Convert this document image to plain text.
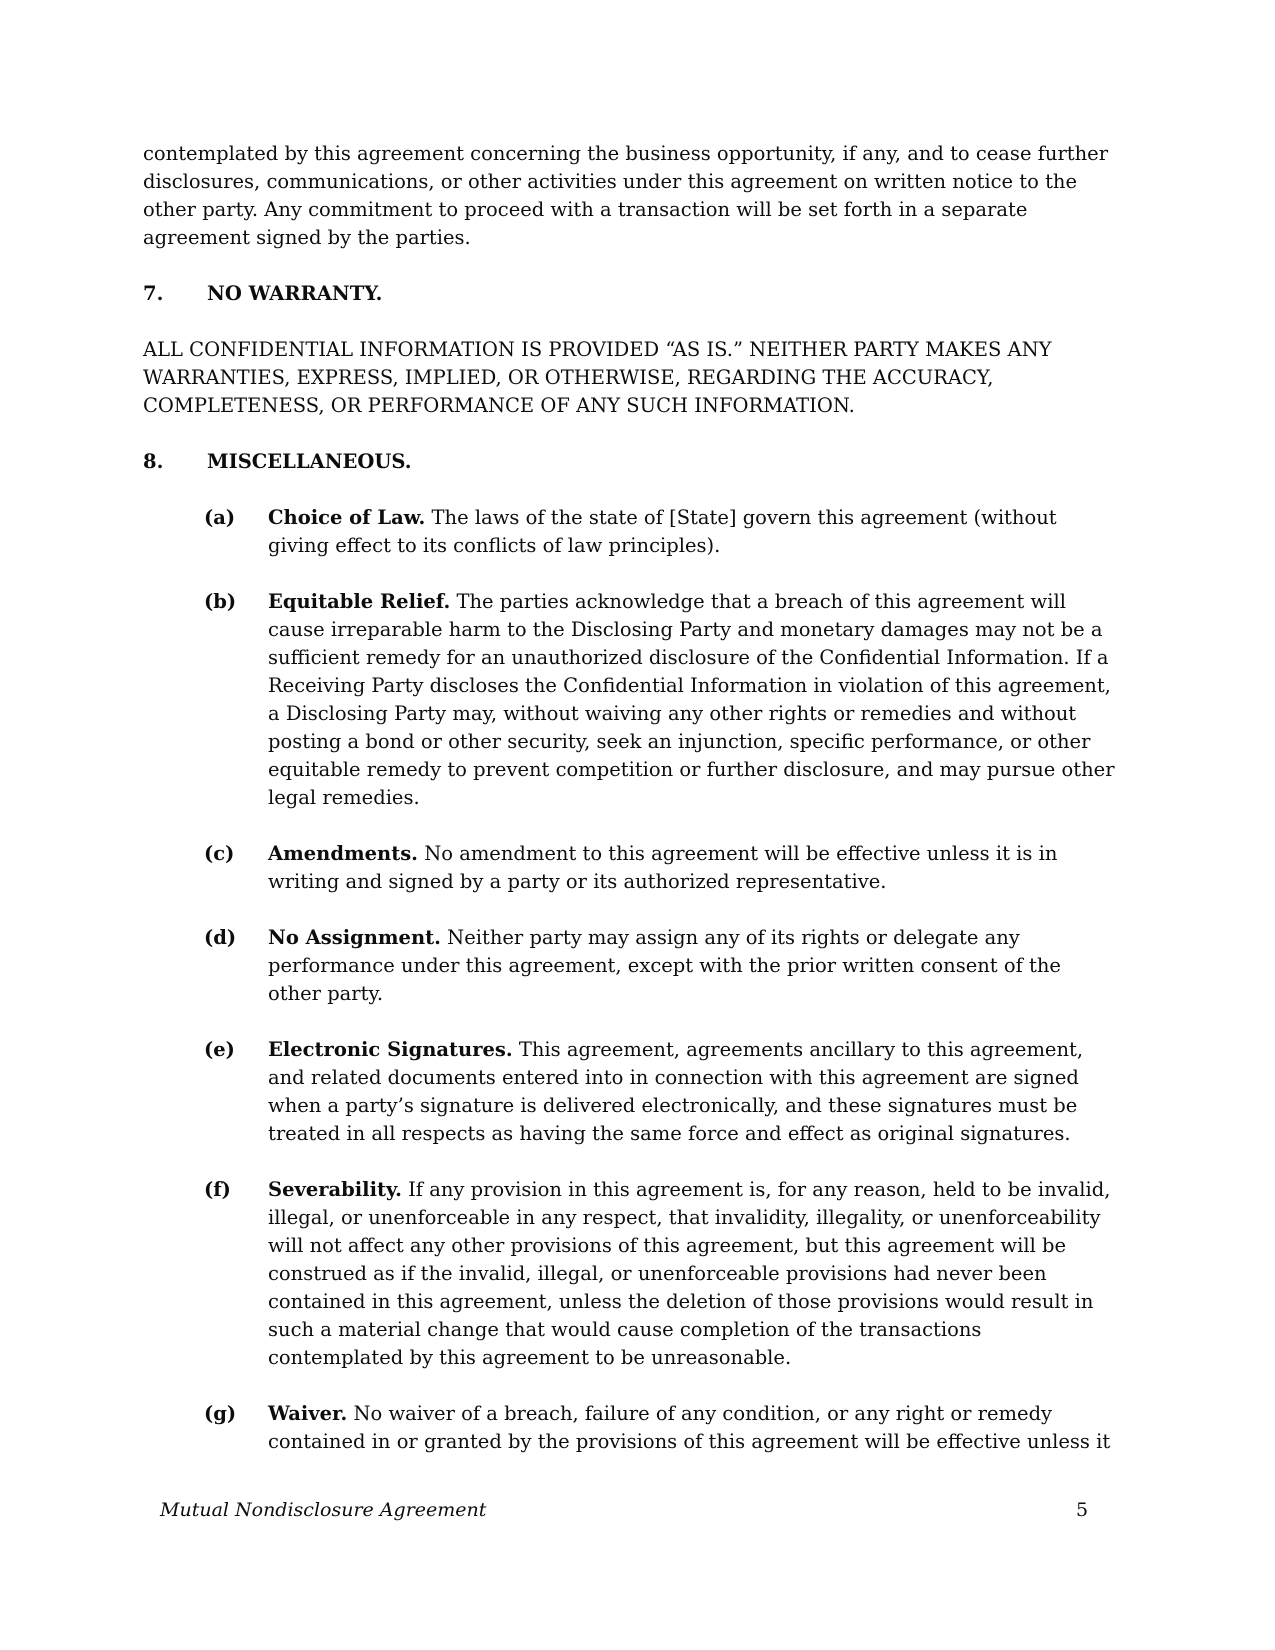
contemplated by this agreement concerning the business opportunity, if any, and to cease further disclosures, communications, or other activities under this agreement on written notice to the other party. Any commitment to proceed with a transaction will be set forth in a separate agreement signed by the parties.

7.	NO WARRANTY.

ALL CONFIDENTIAL INFORMATION IS PROVIDED “AS IS.” NEITHER PARTY MAKES ANY WARRANTIES, EXPRESS, IMPLIED, OR OTHERWISE, REGARDING THE ACCURACY, COMPLETENESS, OR PERFORMANCE OF ANY SUCH INFORMATION.

8.	MISCELLANEOUS.
(a)	Choice of Law. The laws of the state of [State] govern this agreement (without giving effect to its conflicts of law principles).
(b)	Equitable Relief. The parties acknowledge that a breach of this agreement will cause irreparable harm to the Disclosing Party and monetary damages may not be a sufficient remedy for an unauthorized disclosure of the Confidential Information. If a Receiving Party discloses the Confidential Information in violation of this agreement, a Disclosing Party may, without waiving any other rights or remedies and without posting a bond or other security, seek an injunction, specific performance, or other equitable remedy to prevent competition or further disclosure, and may pursue other legal remedies.
(c)	Amendments. No amendment to this agreement will be effective unless it is in writing and signed by a party or its authorized representative.
(d)	No Assignment. Neither party may assign any of its rights or delegate any performance under this agreement, except with the prior written consent of the other party.
(e)	Electronic Signatures. This agreement, agreements ancillary to this agreement, and related documents entered into in connection with this agreement are signed when a party’s signature is delivered electronically, and these signatures must be treated in all respects as having the same force and effect as original signatures.
(f)	Severability. If any provision in this agreement is, for any reason, held to be invalid, illegal, or unenforceable in any respect, that invalidity, illegality, or unenforceability will not affect any other provisions of this agreement, but this agreement will be construed as if the invalid, illegal, or unenforceable provisions had never been contained in this agreement, unless the deletion of those provisions would result in such a material change that would cause completion of the transactions contemplated by this agreement to be unreasonable.
(g)	Waiver. No waiver of a breach, failure of any condition, or any right or remedy contained in or granted by the provisions of this agreement will be effective unless it
Mutual Nondisclosure Agreement	5
